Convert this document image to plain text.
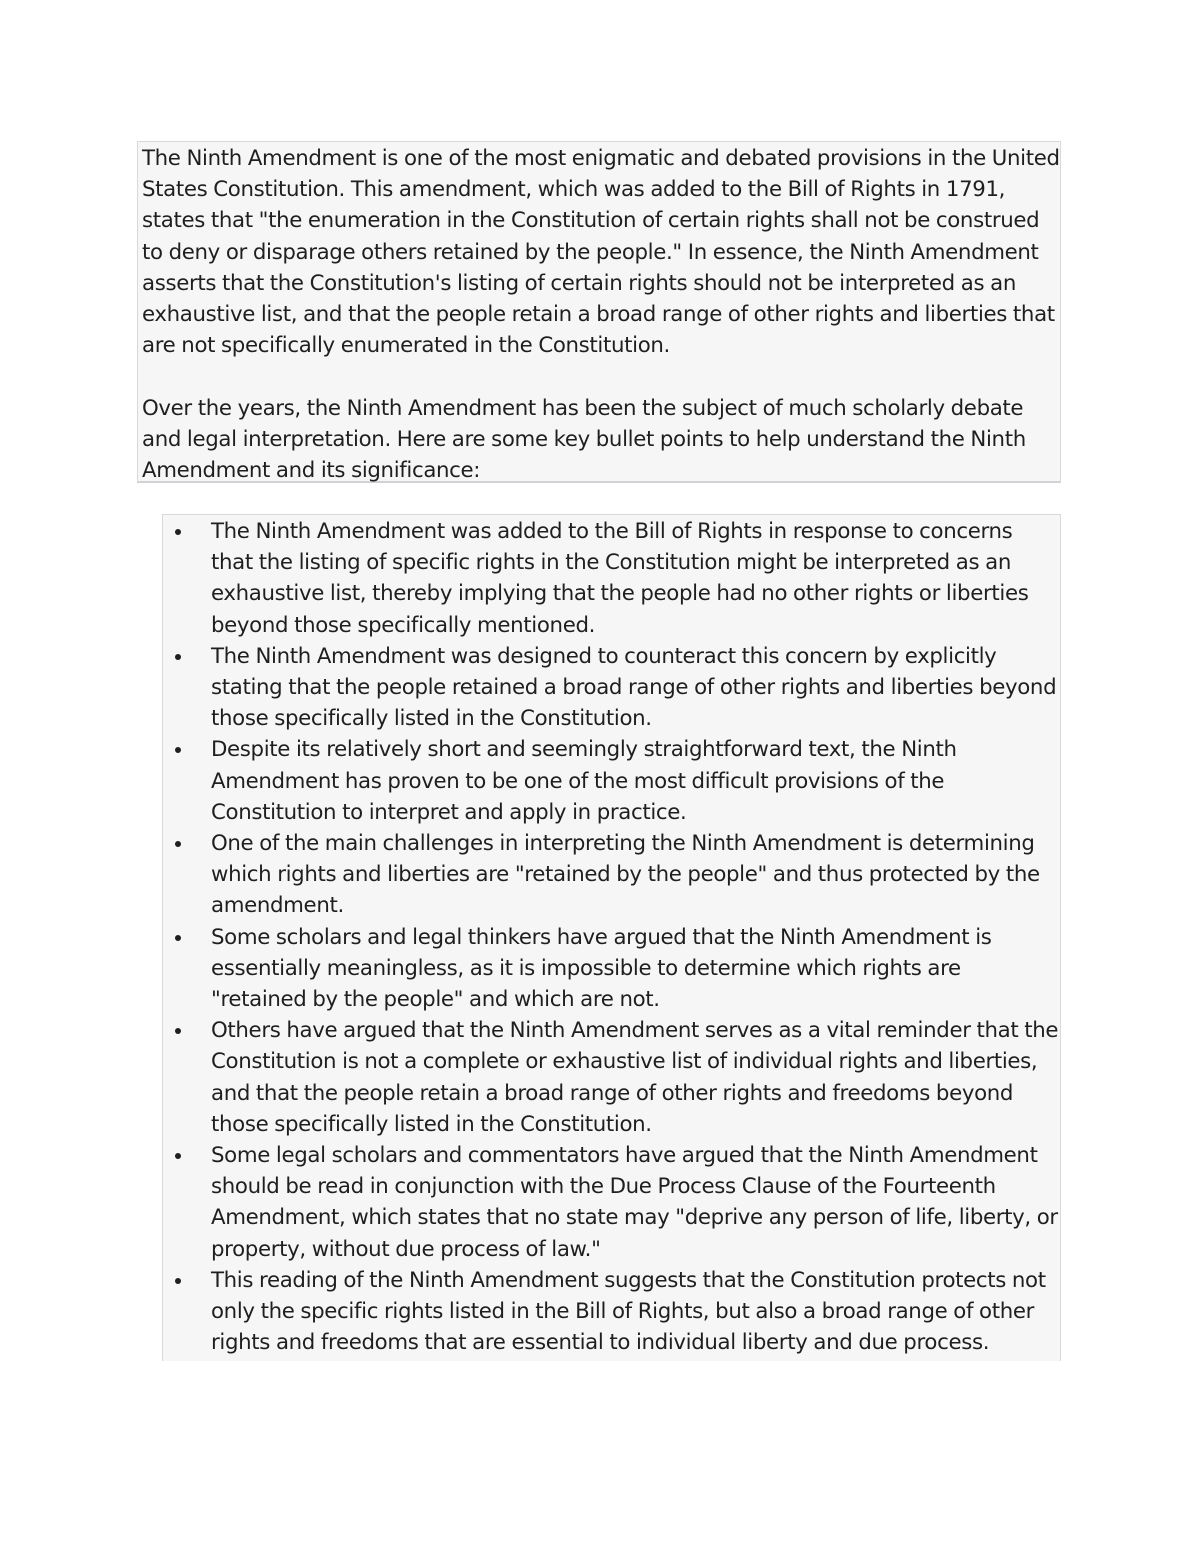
The Ninth Amendment is one of the most enigmatic and debated provisions in the United States Constitution. This amendment, which was added to the Bill of Rights in 1791, states that "the enumeration in the Constitution of certain rights shall not be construed to deny or disparage others retained by the people." In essence, the Ninth Amendment asserts that the Constitution's listing of certain rights should not be interpreted as an exhaustive list, and that the people retain a broad range of other rights and liberties that are not specifically enumerated in the Constitution.

Over the years, the Ninth Amendment has been the subject of much scholarly debate and legal interpretation. Here are some key bullet points to help understand the Ninth Amendment and its significance:

The Ninth Amendment was added to the Bill of Rights in response to concerns that the listing of specific rights in the Constitution might be interpreted as an exhaustive list, thereby implying that the people had no other rights or liberties beyond those specifically mentioned.
The Ninth Amendment was designed to counteract this concern by explicitly stating that the people retained a broad range of other rights and liberties beyond those specifically listed in the Constitution.
Despite its relatively short and seemingly straightforward text, the Ninth Amendment has proven to be one of the most difficult provisions of the Constitution to interpret and apply in practice.
One of the main challenges in interpreting the Ninth Amendment is determining which rights and liberties are "retained by the people" and thus protected by the amendment.
Some scholars and legal thinkers have argued that the Ninth Amendment is essentially meaningless, as it is impossible to determine which rights are "retained by the people" and which are not.
Others have argued that the Ninth Amendment serves as a vital reminder that the Constitution is not a complete or exhaustive list of individual rights and liberties, and that the people retain a broad range of other rights and freedoms beyond those specifically listed in the Constitution.
Some legal scholars and commentators have argued that the Ninth Amendment should be read in conjunction with the Due Process Clause of the Fourteenth Amendment, which states that no state may "deprive any person of life, liberty, or property, without due process of law."
This reading of the Ninth Amendment suggests that the Constitution protects not only the specific rights listed in the Bill of Rights, but also a broad range of other rights and freedoms that are essential to individual liberty and due process.
